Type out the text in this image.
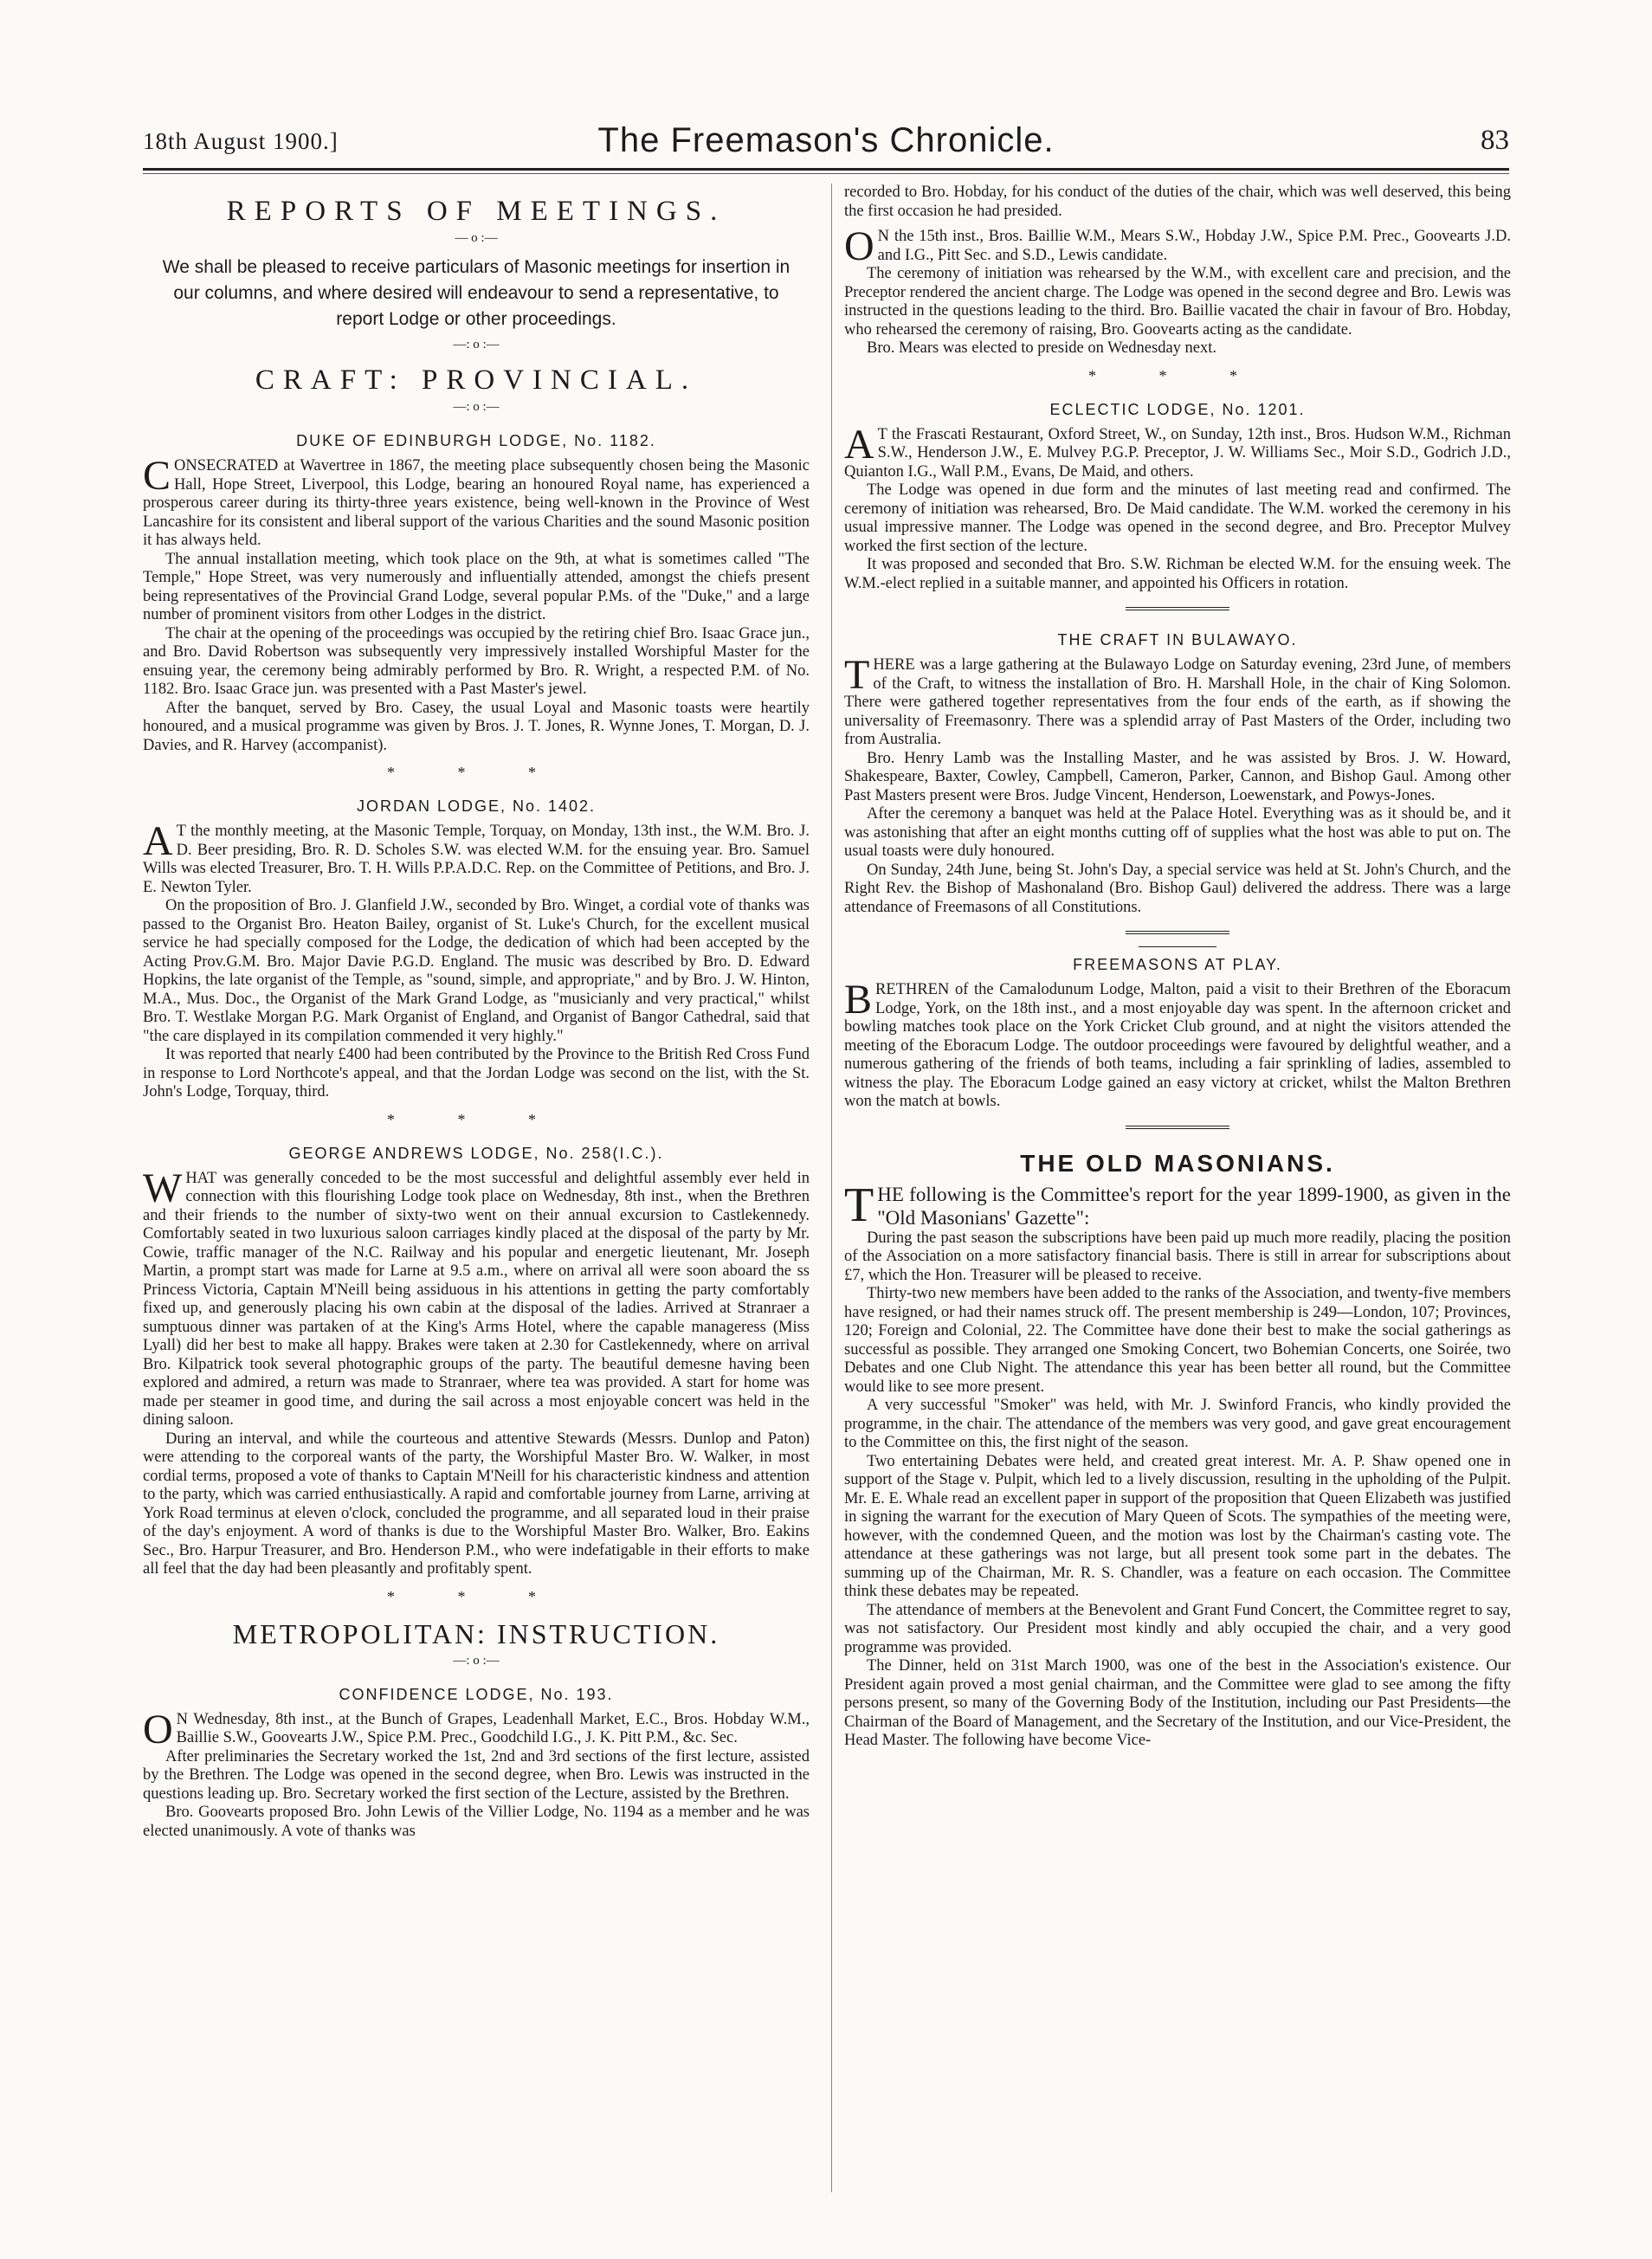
18th August 1900.]	The Freemason's Chronicle.	83
REPORTS OF MEETINGS.
— o :—
We shall be pleased to receive particulars of Masonic meetings for insertion in our columns, and where desired will endeavour to send a representative, to report Lodge or other proceedings.
—: o :—
CRAFT: PROVINCIAL.
—: o :—
DUKE OF EDINBURGH LODGE, No. 1182.

CONSECRATED at Wavertree in 1867, the meeting place subsequently chosen being the Masonic Hall, Hope Street, Liverpool, this Lodge, bearing an honoured Royal name, has experienced a prosperous career during its thirty-three years existence, being well-known in the Province of West Lancashire for its consistent and liberal support of the various Charities and the sound Masonic position it has always held.

The annual installation meeting, which took place on the 9th, at what is sometimes called "The Temple," Hope Street, was very numerously and influentially attended, amongst the chiefs present being representatives of the Provincial Grand Lodge, several popular P.Ms. of the "Duke," and a large number of prominent visitors from other Lodges in the district.

The chair at the opening of the proceedings was occupied by the retiring chief Bro. Isaac Grace jun., and Bro. David Robertson was subsequently very impressively installed Worshipful Master for the ensuing year, the ceremony being admirably performed by Bro. R. Wright, a respected P.M. of No. 1182. Bro. Isaac Grace jun. was presented with a Past Master's jewel.

After the banquet, served by Bro. Casey, the usual Loyal and Masonic toasts were heartily honoured, and a musical programme was given by Bros. J. T. Jones, R. Wynne Jones, T. Morgan, D. J. Davies, and R. Harvey (accompanist).

* * *
JORDAN LODGE, No. 1402.

A T the monthly meeting, at the Masonic Temple, Torquay, on Monday, 13th inst., the W.M. Bro. J. D. Beer presiding, Bro. R. D. Scholes S.W. was elected W.M. for the ensuing year. Bro. Samuel Wills was elected Treasurer, Bro. T. H. Wills P.P.A.D.C. Rep. on the Committee of Petitions, and Bro. J. E. Newton Tyler.

On the proposition of Bro. J. Glanfield J.W., seconded by Bro. Winget, a cordial vote of thanks was passed to the Organist Bro. Heaton Bailey, organist of St. Luke's Church, for the excellent musical service he had specially composed for the Lodge, the dedication of which had been accepted by the Acting Prov.G.M. Bro. Major Davie P.G.D. England. The music was described by Bro. D. Edward Hopkins, the late organist of the Temple, as "sound, simple, and appropriate," and by Bro. J. W. Hinton, M.A., Mus. Doc., the Organist of the Mark Grand Lodge, as "musicianly and very practical," whilst Bro. T. Westlake Morgan P.G. Mark Organist of England, and Organist of Bangor Cathedral, said that "the care displayed in its compilation commended it very highly."

It was reported that nearly £400 had been contributed by the Province to the British Red Cross Fund in response to Lord Northcote's appeal, and that the Jordan Lodge was second on the list, with the St. John's Lodge, Torquay, third.

* * *
GEORGE ANDREWS LODGE, No. 258(I.C.).

WHAT was generally conceded to be the most successful and delightful assembly ever held in connection with this flourishing Lodge took place on Wednesday, 8th inst., when the Brethren and their friends to the number of sixty-two went on their annual excursion to Castlekennedy. Comfortably seated in two luxurious saloon carriages kindly placed at the disposal of the party by Mr. Cowie, traffic manager of the N.C. Railway and his popular and energetic lieutenant, Mr. Joseph Martin, a prompt start was made for Larne at 9.5 a.m., where on arrival all were soon aboard the ss Princess Victoria, Captain M'Neill being assiduous in his attentions in getting the party comfortably fixed up, and generously placing his own cabin at the disposal of the ladies. Arrived at Stranraer a sumptuous dinner was partaken of at the King's Arms Hotel, where the capable manageress (Miss Lyall) did her best to make all happy. Brakes were taken at 2.30 for Castlekennedy, where on arrival Bro. Kilpatrick took several photographic groups of the party. The beautiful demesne having been explored and admired, a return was made to Stranraer, where tea was provided. A start for home was made per steamer in good time, and during the sail across a most enjoyable concert was held in the dining saloon.

During an interval, and while the courteous and attentive Stewards (Messrs. Dunlop and Paton) were attending to the corporeal wants of the party, the Worshipful Master Bro. W. Walker, in most cordial terms, proposed a vote of thanks to Captain M'Neill for his characteristic kindness and attention to the party, which was carried enthusiastically. A rapid and comfortable journey from Larne, arriving at York Road terminus at eleven o'clock, concluded the programme, and all separated loud in their praise of the day's enjoyment. A word of thanks is due to the Worshipful Master Bro. Walker, Bro. Eakins Sec., Bro. Harpur Treasurer, and Bro. Henderson P.M., who were indefatigable in their efforts to make all feel that the day had been pleasantly and profitably spent.

* * *
METROPOLITAN: INSTRUCTION.
—: o :—
CONFIDENCE LODGE, No. 193.

O N Wednesday, 8th inst., at the Bunch of Grapes, Leadenhall Market, E.C., Bros. Hobday W.M., Baillie S.W., Goovearts J.W., Spice P.M. Prec., Goodchild I.G., J. K. Pitt P.M., &c. Sec.

After preliminaries the Secretary worked the 1st, 2nd and 3rd sections of the first lecture, assisted by the Brethren. The Lodge was opened in the second degree, when Bro. Lewis was instructed in the questions leading up. Bro. Secretary worked the first section of the Lecture, assisted by the Brethren.

Bro. Goovearts proposed Bro. John Lewis of the Villier Lodge, No. 1194 as a member and he was elected unanimously. A vote of thanks was

recorded to Bro. Hobday, for his conduct of the duties of the chair, which was well deserved, this being the first occasion he had presided.

O N the 15th inst., Bros. Baillie W.M., Mears S.W., Hobday J.W., Spice P.M. Prec., Goovearts J.D. and I.G., Pitt Sec. and S.D., Lewis candidate.

The ceremony of initiation was rehearsed by the W.M., with excellent care and precision, and the Preceptor rendered the ancient charge. The Lodge was opened in the second degree and Bro. Lewis was instructed in the questions leading to the third. Bro. Baillie vacated the chair in favour of Bro. Hobday, who rehearsed the ceremony of raising, Bro. Goovearts acting as the candidate.

Bro. Mears was elected to preside on Wednesday next.

* * *
ECLECTIC LODGE, No. 1201.

A T the Frascati Restaurant, Oxford Street, W., on Sunday, 12th inst., Bros. Hudson W.M., Richman S.W., Henderson J.W., E. Mulvey P.G.P. Preceptor, J. W. Williams Sec., Moir S.D., Godrich J.D., Quianton I.G., Wall P.M., Evans, De Maid, and others.

The Lodge was opened in due form and the minutes of last meeting read and confirmed. The ceremony of initiation was rehearsed, Bro. De Maid candidate. The W.M. worked the ceremony in his usual impressive manner. The Lodge was opened in the second degree, and Bro. Preceptor Mulvey worked the first section of the lecture.

It was proposed and seconded that Bro. S.W. Richman be elected W.M. for the ensuing week. The W.M.-elect replied in a suitable manner, and appointed his Officers in rotation.

THE CRAFT IN BULAWAYO.

THERE was a large gathering at the Bulawayo Lodge on Saturday evening, 23rd June, of members of the Craft, to witness the installation of Bro. H. Marshall Hole, in the chair of King Solomon. There were gathered together representatives from the four ends of the earth, as if showing the universality of Freemasonry. There was a splendid array of Past Masters of the Order, including two from Australia.

Bro. Henry Lamb was the Installing Master, and he was assisted by Bros. J. W. Howard, Shakespeare, Baxter, Cowley, Campbell, Cameron, Parker, Cannon, and Bishop Gaul. Among other Past Masters present were Bros. Judge Vincent, Henderson, Loewenstark, and Powys-Jones.

After the ceremony a banquet was held at the Palace Hotel. Everything was as it should be, and it was astonishing that after an eight months cutting off of supplies what the host was able to put on. The usual toasts were duly honoured.

On Sunday, 24th June, being St. John's Day, a special service was held at St. John's Church, and the Right Rev. the Bishop of Mashonaland (Bro. Bishop Gaul) delivered the address. There was a large attendance of Freemasons of all Constitutions.

FREEMASONS AT PLAY.

BRETHREN of the Camalodunum Lodge, Malton, paid a visit to their Brethren of the Eboracum Lodge, York, on the 18th inst., and a most enjoyable day was spent. In the afternoon cricket and bowling matches took place on the York Cricket Club ground, and at night the visitors attended the meeting of the Eboracum Lodge. The outdoor proceedings were favoured by delightful weather, and a numerous gathering of the friends of both teams, including a fair sprinkling of ladies, assembled to witness the play. The Eboracum Lodge gained an easy victory at cricket, whilst the Malton Brethren won the match at bowls.

THE OLD MASONIANS.

THE following is the Committee's report for the year 1899-1900, as given in the "Old Masonians' Gazette":

During the past season the subscriptions have been paid up much more readily, placing the position of the Association on a more satisfactory financial basis. There is still in arrear for subscriptions about £7, which the Hon. Treasurer will be pleased to receive.

Thirty-two new members have been added to the ranks of the Association, and twenty-five members have resigned, or had their names struck off. The present membership is 249—London, 107; Provinces, 120; Foreign and Colonial, 22. The Committee have done their best to make the social gatherings as successful as possible. They arranged one Smoking Concert, two Bohemian Concerts, one Soirée, two Debates and one Club Night. The attendance this year has been better all round, but the Committee would like to see more present.

A very successful "Smoker" was held, with Mr. J. Swinford Francis, who kindly provided the programme, in the chair. The attendance of the members was very good, and gave great encouragement to the Committee on this, the first night of the season.

Two entertaining Debates were held, and created great interest. Mr. A. P. Shaw opened one in support of the Stage v. Pulpit, which led to a lively discussion, resulting in the upholding of the Pulpit. Mr. E. E. Whale read an excellent paper in support of the proposition that Queen Elizabeth was justified in signing the warrant for the execution of Mary Queen of Scots. The sympathies of the meeting were, however, with the condemned Queen, and the motion was lost by the Chairman's casting vote. The attendance at these gatherings was not large, but all present took some part in the debates. The summing up of the Chairman, Mr. R. S. Chandler, was a feature on each occasion. The Committee think these debates may be repeated.

The attendance of members at the Benevolent and Grant Fund Concert, the Committee regret to say, was not satisfactory. Our President most kindly and ably occupied the chair, and a very good programme was provided.

The Dinner, held on 31st March 1900, was one of the best in the Association's existence. Our President again proved a most genial chairman, and the Committee were glad to see among the fifty persons present, so many of the Governing Body of the Institution, including our Past Presidents—the Chairman of the Board of Management, and the Secretary of the Institution, and our Vice-President, the Head Master. The following have become Vice-
